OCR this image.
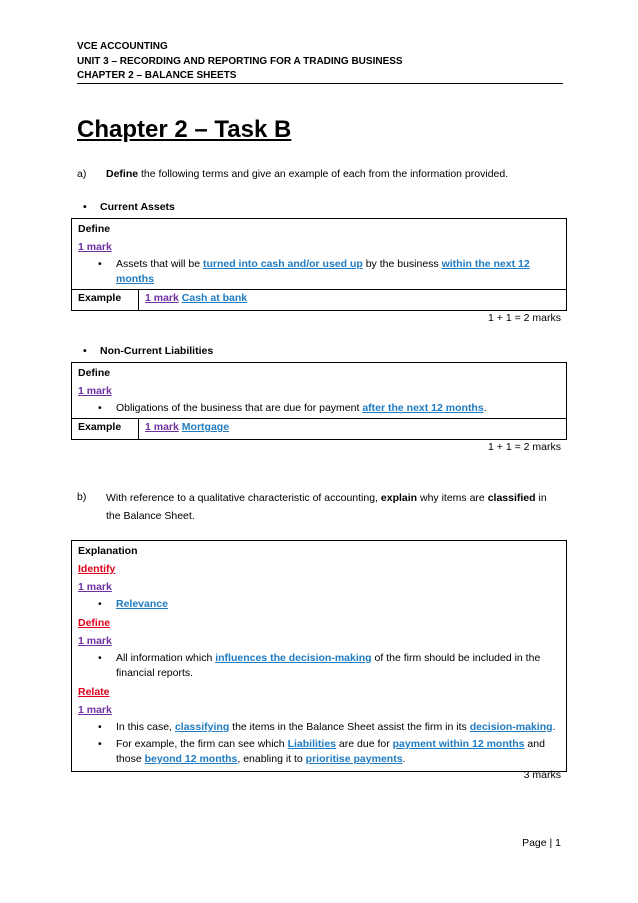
VCE ACCOUNTING
UNIT 3 – RECORDING AND REPORTING FOR A TRADING BUSINESS
CHAPTER 2 – BALANCE SHEETS
Chapter 2 – Task B
a) Define the following terms and give an example of each from the information provided.
• Current Assets
Define
1 mark
• Assets that will be turned into cash and/or used up by the business within the next 12 months
Example 1 mark Cash at bank
1 + 1 = 2 marks
• Non-Current Liabilities
Define
1 mark
• Obligations of the business that are due for payment after the next 12 months.
Example 1 mark Mortgage
1 + 1 = 2 marks
b) With reference to a qualitative characteristic of accounting, explain why items are classified in the Balance Sheet.
Explanation
Identify
1 mark
• Relevance
Define
1 mark
• All information which influences the decision-making of the firm should be included in the financial reports.
Relate
1 mark
• In this case, classifying the items in the Balance Sheet assist the firm in its decision-making.
• For example, the firm can see which Liabilities are due for payment within 12 months and those beyond 12 months, enabling it to prioritise payments.
3 marks
Page | 1
